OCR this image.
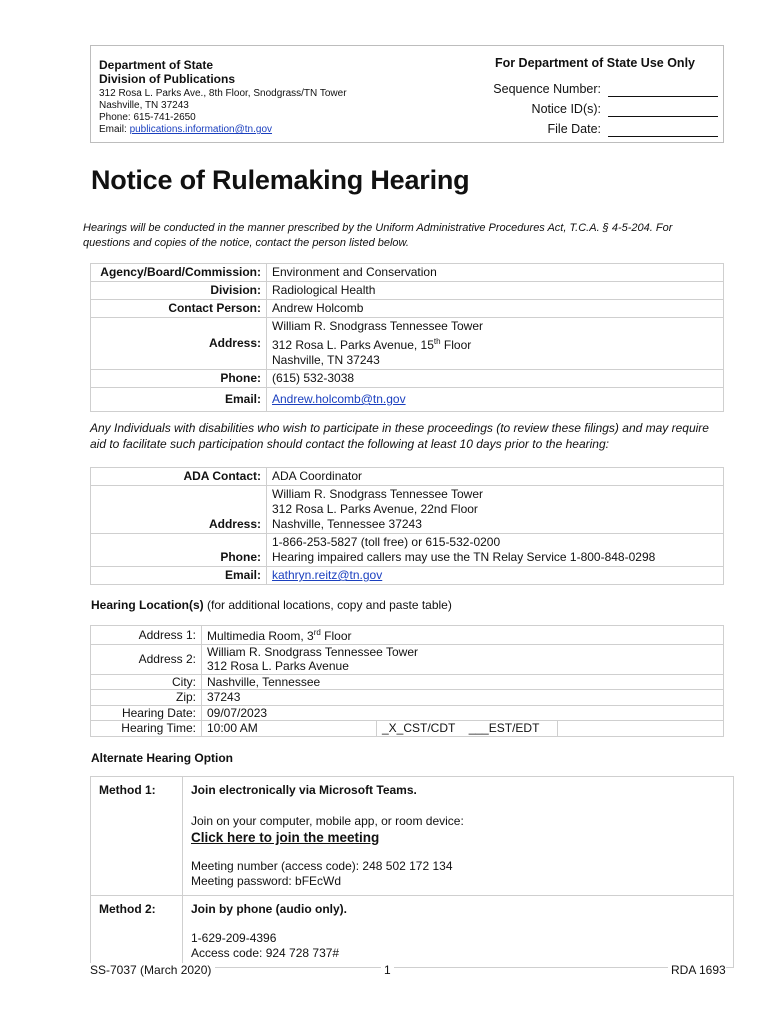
Department of State
Division of Publications
312 Rosa L. Parks Ave., 8th Floor, Snodgrass/TN Tower
Nashville, TN 37243
Phone: 615-741-2650
Email: publications.information@tn.gov
For Department of State Use Only
Sequence Number:
Notice ID(s):
File Date:
Notice of Rulemaking Hearing
Hearings will be conducted in the manner prescribed by the Uniform Administrative Procedures Act, T.C.A. § 4-5-204. For questions and copies of the notice, contact the person listed below.
Agency/Board/Commission:	Environment and Conservation
Division:	Radiological Health
Contact Person:	Andrew Holcomb
Address:	William R. Snodgrass Tennessee Tower
312 Rosa L. Parks Avenue, 15th Floor
Nashville, TN 37243

Phone:	(615) 532-3038
Email:	Andrew.holcomb@tn.gov
Any Individuals with disabilities who wish to participate in these proceedings (to review these filings) and may require aid to facilitate such participation should contact the following at least 10 days prior to the hearing:
ADA Contact:	ADA Coordinator
Address:	William R. Snodgrass Tennessee Tower
312 Rosa L. Parks Avenue, 22nd Floor
Nashville, Tennessee 37243

Phone:	1-866-253-5827 (toll free) or 615-532-0200
Hearing impaired callers may use the TN Relay Service 1-800-848-0298

Email:	kathryn.reitz@tn.gov
Hearing Location(s) (for additional locations, copy and paste table)
Address 1:	Multimedia Room, 3rd Floor		
Address 2:	William R. Snodgrass Tennessee Tower
312 Rosa L. Parks Avenue		

City:	Nashville, Tennessee		
Zip:	37243		
Hearing Date:	09/07/2023		
Hearing Time:	10:00 AM	_X_CST/CDT ___EST/EDT	
Alternate Hearing Option
Method 1:	Join electronically via Microsoft Teams.
Join on your computer, mobile app, or room device:
Click here to join the meeting
Meeting number (access code): 248 502 172 134
Meeting password: bFEcWd

Method 2:	Join by phone (audio only).
1-629-209-4396
Access code: 924 728 737#
SS-7037 (March 2020)	1	RDA 1693
